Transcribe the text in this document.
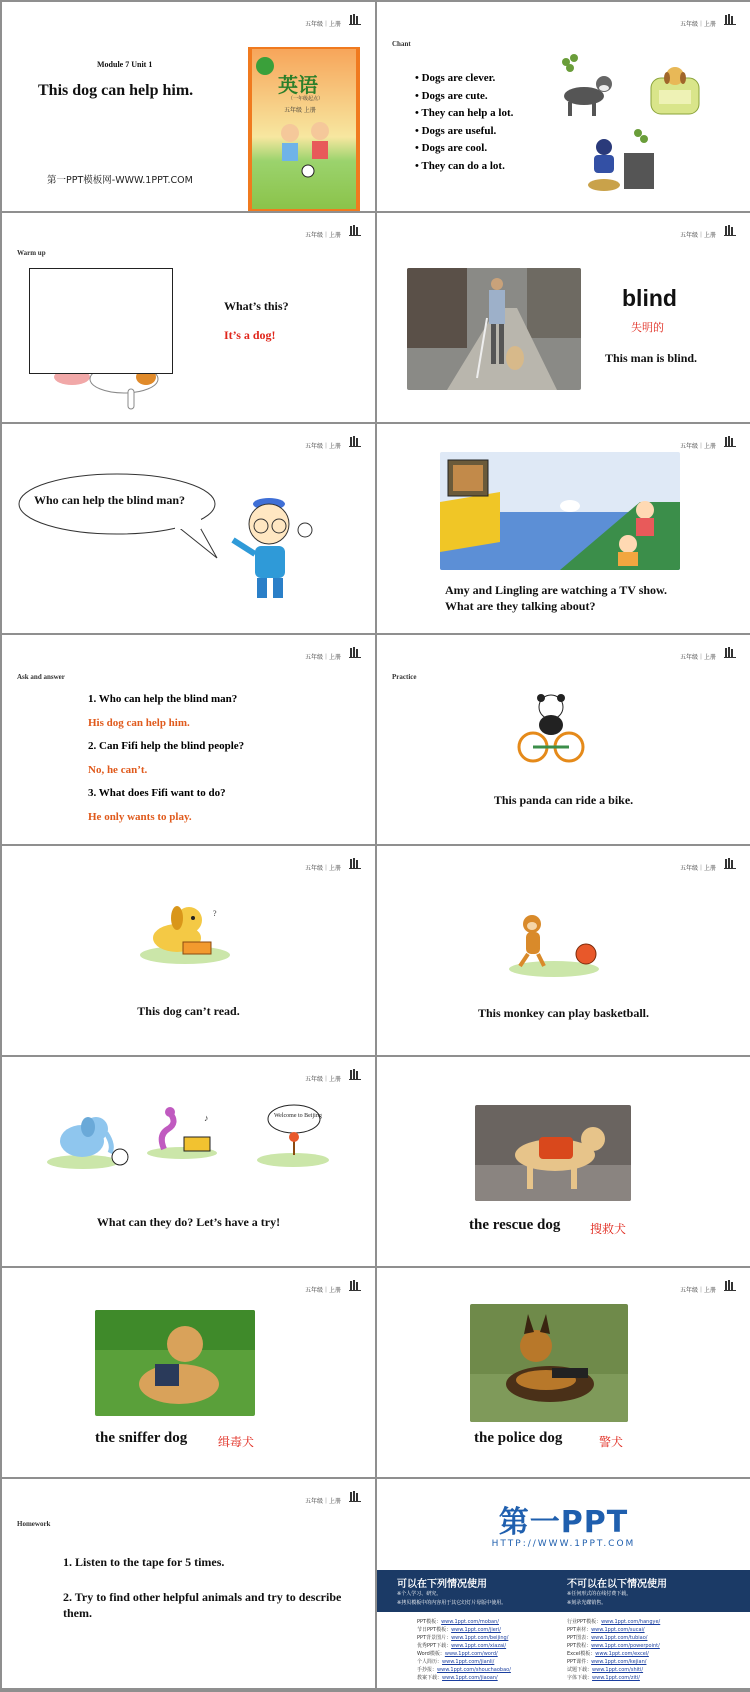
五年级｜上册
Module 7 Unit 1
This dog can help him.
第一PPT模板网-WWW.1PPT.COM
英语
（一年级起点）
五年级 上册
五年级｜上册
Chant
• Dogs are clever.
• Dogs are cute.
• They can help a lot.
• Dogs are useful.
• Dogs are cool.
• They can do a lot.
五年级｜上册
Warm up
What’s this?
It’s a dog!
五年级｜上册
blind
失明的
This man is blind.
五年级｜上册
Who can help the blind man?
五年级｜上册
Amy and Lingling are watching a TV show. What are they talking about?
五年级｜上册
Ask and answer
1. Who can help the blind man?
His dog can help him.
2. Can Fifi help the blind people?
No, he can’t.
3. What does Fifi want to do?
He only wants to play.
五年级｜上册
Practice
This panda can ride a bike.
五年级｜上册
?
This dog can’t read.
五年级｜上册
This monkey can play basketball.
五年级｜上册
♪	Welcome to Beijing
What can they do? Let’s have a try!	the rescue dog 搜救犬
五年级｜上册
the sniffer dog	缉毒犬
五年级｜上册
the police dog	警犬
五年级｜上册
Homework
1. Listen to the tape for 5 times.
2. Try to find other helpful animals and try to describe them.
第一PPT
HTTP://WWW.1PPT.COM
可以在下列情况使用
※个人学习、研究。
※拷贝模板中的内容用于其它幻灯片母版中使用。
不可以在以下情况使用
※任何形式的在线付费下载。
※刻录光碟销售。
PPT模板：www.1ppt.com/moban/
节日PPT模板：www.1ppt.com/jieri/
PPT背景图片：www.1ppt.com/beijing/
优秀PPT下载：www.1ppt.com/xiazai/
Word模板：www.1ppt.com/word/
个人简历：www.1ppt.com/jianli/
手抄报：www.1ppt.com/shouchaobao/
教案下载：www.1ppt.com/jiaoan/
行业PPT模板：www.1ppt.com/hangye/
PPT素材：www.1ppt.com/sucai/
PPT图表：www.1ppt.com/tubiao/
PPT教程：www.1ppt.com/powerpoint/
Excel模板：www.1ppt.com/excel/
PPT课件：www.1ppt.com/kejian/
试题下载：www.1ppt.com/shiti/
字体下载：www.1ppt.com/ziti/
